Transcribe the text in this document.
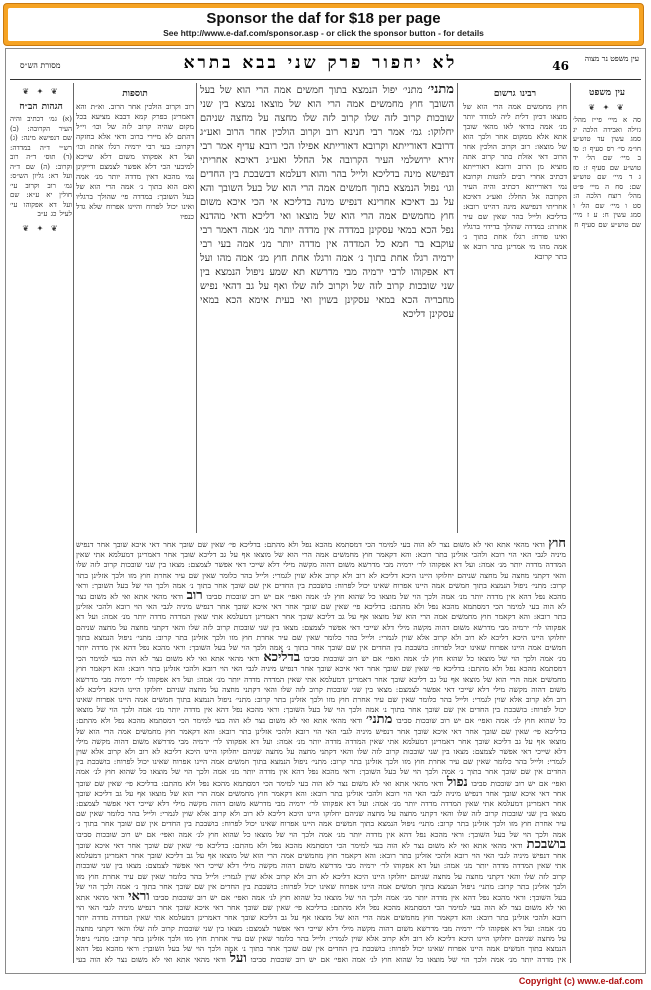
Sponsor the daf for $18 per page
See http://www.e-daf.com/sponsor.asp - or click the sponsor button - for details
מסורת הש״ס	לא יחפור פרק שני בבא בתרא	46
עין משפט נר מצוה
עין משפט
❦ ✦ ❦
סה א מיי׳ פי״ז מהל׳ גזילה ואבידה הלכה יג סמג עשין עד טוש״ע חו״מ סי׳ רס סעיף ו: סו ב מיי׳ שם הל׳ יד טוש״ע שם סעיף ז: סז ג ד מיי׳ שם טוש״ע שם: סח ה מיי׳ פ״ט מהל׳ רוצח הלכה ה: סט ו מיי׳ שם הל׳ ו סמג עשין ח: ע ז מיי׳ שם טוש״ע שם סעיף ח
❦ ✦ ❦
הגהות הב״ח
(א) גמ׳ דכתיב והיה העיר הקרובה: (ב) שם דנפישא מינה: (ג) רש״י ד״ה במדדה: (ד) תוס׳ ד״ה רוב וקרוב: (ה) שם ד״ה ועל דא: גליון הש״ס: גמ׳ רוב וקרוב עי׳ חולין יא ע״א: שם ועל דא אפקוהו עי׳ לעיל כג ע״ב
❦ ✦ ❦
רבינו גרשום
חוץ מחמשים אמה הרי הוא של מוצאו דכיון דלית ליה למודד יותר מנ׳ אמה בודאי לאו מהאי שובך אתא אלא ממקום אחר ולכך הוא של מוצאו: רוב וקרוב הולכין אחר הרוב דאי אזלת בתר קרוב אתה מוציא מן הרוב ורובא דאורייתא דכתיב אחרי רבים להטות וקרובא נמי דאורייתא דכתיב והיה העיר הקרובה אל החלל: ואע״ג דאיכא אחריתי דנפישא מינה דהיינו רובא: בדליכא ולייל בהר שאין שם עיר אחרת: במדדה שהולך בדידוי ברגליו ואינו פורח: רגלו אחת בתוך נ׳ אמה מהו מי אמרינן בתר רובא או בתר קרובא
תוספות
רוב וקרוב הולכין אחר הרוב. וא״ת והא דאמרינן בפרק קמא דבבא מציעא בכל מקום שהיה קרוב לזה של וכו׳ וי״ל דהתם לא מיירי ברוב ודאי אלא בחזקה דקרוב: בעי רבי ירמיה רגלו אחת וכו׳ ועל דא אפקוהו משום דלא שייכא למיבעי הכי דלא אפשר לצמצם ודייקינן נמי מהכא דאין מדדה יותר מנ׳ אמה ואם הוא בתוך נ׳ אמה הרי הוא של בעל השובך: במדדה פי׳ שהולך ברגליו ואינו יכול לפרוח והיינו אפרוח שלא גדל כנפיו
מתני׳ מתני׳ יפול הנמצא בתוך חמשים אמה הרי הוא של בעל השובך חוץ מחמשים אמה הרי הוא של מוצאו נמצא בין שני שובכות קרוב לזה שלו קרוב לזה שלו מחצה על מחצה שניהם יחלוקו: גמ׳ אמר רבי חנינא רוב וקרוב הולכין אחר הרוב ואע״ג דרובא דאורייתא וקרובא דאורייתא אפילו הכי רובא עדיף אמר רבי זירא ירושלמי העיר הקרובה אל החלל ואע״ג דאיכא אחריתי דנפישא מינה בדליכא ולייל בהר והוא דעלמא דבשבכת בין החדים וגו׳ נפול הנמצא בתוך חמשים אמה הרי הוא של בעל השובך והא על גב דאיכא אחרינא דנפיש מינה בדליכא אי הכי איכא משום חוץ מחמשים אמה הרי הוא של מוצאו ואי דליכא ודאי מהדנא נפל הכא במאי עסקינן במדדה אין מדדה יותר מנ׳ אמה דאמר רבי עוקבא בר חמא כל המדדה אין מדדה יותר מנ׳ אמה בעי רבי ירמיה רגלו אחת בתוך נ׳ אמה ורגלו אחת חוץ מנ׳ אמה מהו ועל דא אפקוהו לרבי ירמיה מבי מדרשא תא שמע ניפול הנמצא בין שני שובכות קרוב לזה של וקרוב לזה שלו ואף על גב דהאי נפיש מחבריה הכא במאי עסקינן בשוין ואי בעית אימא הכא במאי עסקינן דליכא
חוץ ודאי מהאי אתא ואי לא משום נצר לא הוה בעי למימר הכי דמסתמא מהכא נפל ולא מהתם: בדליכא פי׳ שאין שם שובך אחר דאי איכא שובך אחר דנפיש מיניה לגבי האי הוי רובא ולהכי אזלינן בתר רובא: והא דקאמר חוץ מחמשים אמה הרי הוא של מוצאו אף על גב דליכא שובך אחר דאמרינן דמעלמא אתי שאין המדדה מדדה יותר מנ׳ אמה: ועל דא אפקוהו לר׳ ירמיה מבי מדרשא משום דהוה מקשה מילי דלא שייכי דאי אפשר לצמצם: מצאו בין שני שובכות קרוב לזה שלו והאי דקתני מחצה על מחצה שניהם יחלוקו היינו היכא דליכא לא רוב ולא קרוב אלא שוין לגמרי: ולייל בהר כלומר שאין שם עיר אחרת חוץ מזו ולכך אזלינן בתר קרוב: מתני׳ ניפול הנמצא בתוך חמשים אמה היינו אפרוח שאינו יכול לפרוח: בושבכת בין החדים אין שם שובך אחר בתוך נ׳ אמה ולכך הוי של בעל השובך: וראי מהכא נפל דהא אין מדדה יותר מנ׳ אמה ולכך הוי של מוצאו כל שהוא חוץ לנ׳ אמה ואפי׳ אם יש רוב שובכות סביבו רוב ודאי מהאי אתא ואי לא משום נצר לא הוה בעי למימר הכי דמסתמא מהכא נפל ולא מהתם: בדליכא פי׳ שאין שם שובך אחר דאי איכא שובך אחר דנפיש מיניה לגבי האי הוי רובא ולהכי אזלינן בתר רובא: והא דקאמר חוץ מחמשים אמה הרי הוא של מוצאו אף על גב דליכא שובך אחר דאמרינן דמעלמא אתי שאין המדדה מדדה יותר מנ׳ אמה: ועל דא אפקוהו לר׳ ירמיה מבי מדרשא משום דהוה מקשה מילי דלא שייכי דאי אפשר לצמצם: מצאו בין שני שובכות קרוב לזה שלו והאי דקתני מחצה על מחצה שניהם יחלוקו היינו היכא דליכא לא רוב ולא קרוב אלא שוין לגמרי: ולייל בהר כלומר שאין שם עיר אחרת חוץ מזו ולכך אזלינן בתר קרוב: מתני׳ ניפול הנמצא בתוך חמשים אמה היינו אפרוח שאינו יכול לפרוח: בושבכת בין החדים אין שם שובך אחר בתוך נ׳ אמה ולכך הוי של בעל השובך: וראי מהכא נפל דהא אין מדדה יותר מנ׳ אמה ולכך הוי של מוצאו כל שהוא חוץ לנ׳ אמה ואפי׳ אם יש רוב שובכות סביבו בדליכא ודאי מהאי אתא ואי לא משום נצר לא הוה בעי למימר הכי דמסתמא מהכא נפל ולא מהתם: בדליכא פי׳ שאין שם שובך אחר דאי איכא שובך אחר דנפיש מיניה לגבי האי הוי רובא ולהכי אזלינן בתר רובא: והא דקאמר חוץ מחמשים אמה הרי הוא של מוצאו אף על גב דליכא שובך אחר דאמרינן דמעלמא אתי שאין המדדה מדדה יותר מנ׳ אמה: ועל דא אפקוהו לר׳ ירמיה מבי מדרשא משום דהוה מקשה מילי דלא שייכי דאי אפשר לצמצם: מצאו בין שני שובכות קרוב לזה שלו והאי דקתני מחצה על מחצה שניהם יחלוקו היינו היכא דליכא לא רוב ולא קרוב אלא שוין לגמרי: ולייל בהר כלומר שאין שם עיר אחרת חוץ מזו ולכך אזלינן בתר קרוב: מתני׳ ניפול הנמצא בתוך חמשים אמה היינו אפרוח שאינו יכול לפרוח: בושבכת בין החדים אין שם שובך אחר בתוך נ׳ אמה ולכך הוי של בעל השובך: וראי מהכא נפל דהא אין מדדה יותר מנ׳ אמה ולכך הוי של מוצאו כל שהוא חוץ לנ׳ אמה ואפי׳ אם יש רוב שובכות סביבו מתני׳ ודאי מהאי אתא ואי לא משום נצר לא הוה בעי למימר הכי דמסתמא מהכא נפל ולא מהתם: בדליכא פי׳ שאין שם שובך אחר דאי איכא שובך אחר דנפיש מיניה לגבי האי הוי רובא ולהכי אזלינן בתר רובא: והא דקאמר חוץ מחמשים אמה הרי הוא של מוצאו אף על גב דליכא שובך אחר דאמרינן דמעלמא אתי שאין המדדה מדדה יותר מנ׳ אמה: ועל דא אפקוהו לר׳ ירמיה מבי מדרשא משום דהוה מקשה מילי דלא שייכי דאי אפשר לצמצם: מצאו בין שני שובכות קרוב לזה שלו והאי דקתני מחצה על מחצה שניהם יחלוקו היינו היכא דליכא לא רוב ולא קרוב אלא שוין לגמרי: ולייל בהר כלומר שאין שם עיר אחרת חוץ מזו ולכך אזלינן בתר קרוב: מתני׳ ניפול הנמצא בתוך חמשים אמה היינו אפרוח שאינו יכול לפרוח: בושבכת בין החדים אין שם שובך אחר בתוך נ׳ אמה ולכך הוי של בעל השובך: וראי מהכא נפל דהא אין מדדה יותר מנ׳ אמה ולכך הוי של מוצאו כל שהוא חוץ לנ׳ אמה ואפי׳ אם יש רוב שובכות סביבו נפול ודאי מהאי אתא ואי לא משום נצר לא הוה בעי למימר הכי דמסתמא מהכא נפל ולא מהתם: בדליכא פי׳ שאין שם שובך אחר דאי איכא שובך אחר דנפיש מיניה לגבי האי הוי רובא ולהכי אזלינן בתר רובא: והא דקאמר חוץ מחמשים אמה הרי הוא של מוצאו אף על גב דליכא שובך אחר דאמרינן דמעלמא אתי שאין המדדה מדדה יותר מנ׳ אמה: ועל דא אפקוהו לר׳ ירמיה מבי מדרשא משום דהוה מקשה מילי דלא שייכי דאי אפשר לצמצם: מצאו בין שני שובכות קרוב לזה שלו והאי דקתני מחצה על מחצה שניהם יחלוקו היינו היכא דליכא לא רוב ולא קרוב אלא שוין לגמרי: ולייל בהר כלומר שאין שם עיר אחרת חוץ מזו ולכך אזלינן בתר קרוב: מתני׳ ניפול הנמצא בתוך חמשים אמה היינו אפרוח שאינו יכול לפרוח: בושבכת בין החדים אין שם שובך אחר בתוך נ׳ אמה ולכך הוי של בעל השובך: וראי מהכא נפל דהא אין מדדה יותר מנ׳ אמה ולכך הוי של מוצאו כל שהוא חוץ לנ׳ אמה ואפי׳ אם יש רוב שובכות סביבו בושבכת ודאי מהאי אתא ואי לא משום נצר לא הוה בעי למימר הכי דמסתמא מהכא נפל ולא מהתם: בדליכא פי׳ שאין שם שובך אחר דאי איכא שובך אחר דנפיש מיניה לגבי האי הוי רובא ולהכי אזלינן בתר רובא: והא דקאמר חוץ מחמשים אמה הרי הוא של מוצאו אף על גב דליכא שובך אחר דאמרינן דמעלמא אתי שאין המדדה מדדה יותר מנ׳ אמה: ועל דא אפקוהו לר׳ ירמיה מבי מדרשא משום דהוה מקשה מילי דלא שייכי דאי אפשר לצמצם: מצאו בין שני שובכות קרוב לזה שלו והאי דקתני מחצה על מחצה שניהם יחלוקו היינו היכא דליכא לא רוב ולא קרוב אלא שוין לגמרי: ולייל בהר כלומר שאין שם עיר אחרת חוץ מזו ולכך אזלינן בתר קרוב: מתני׳ ניפול הנמצא בתוך חמשים אמה היינו אפרוח שאינו יכול לפרוח: בושבכת בין החדים אין שם שובך אחר בתוך נ׳ אמה ולכך הוי של בעל השובך: וראי מהכא נפל דהא אין מדדה יותר מנ׳ אמה ולכך הוי של מוצאו כל שהוא חוץ לנ׳ אמה ואפי׳ אם יש רוב שובכות סביבו וראי ודאי מהאי אתא ואי לא משום נצר לא הוה בעי למימר הכי דמסתמא מהכא נפל ולא מהתם: בדליכא פי׳ שאין שם שובך אחר דאי איכא שובך אחר דנפיש מיניה לגבי האי הוי רובא ולהכי אזלינן בתר רובא: והא דקאמר חוץ מחמשים אמה הרי הוא של מוצאו אף על גב דליכא שובך אחר דאמרינן דמעלמא אתי שאין המדדה מדדה יותר מנ׳ אמה: ועל דא אפקוהו לר׳ ירמיה מבי מדרשא משום דהוה מקשה מילי דלא שייכי דאי אפשר לצמצם: מצאו בין שני שובכות קרוב לזה שלו והאי דקתני מחצה על מחצה שניהם יחלוקו היינו היכא דליכא לא רוב ולא קרוב אלא שוין לגמרי: ולייל בהר כלומר שאין שם עיר אחרת חוץ מזו ולכך אזלינן בתר קרוב: מתני׳ ניפול הנמצא בתוך חמשים אמה היינו אפרוח שאינו יכול לפרוח: בושבכת בין החדים אין שם שובך אחר בתוך נ׳ אמה ולכך הוי של בעל השובך: וראי מהכא נפל דהא אין מדדה יותר מנ׳ אמה ולכך הוי של מוצאו כל שהוא חוץ לנ׳ אמה ואפי׳ אם יש רוב שובכות סביבו ועל ודאי מהאי אתא ואי לא משום נצר לא הוה בעי
Copyright (c) www.e-daf.com
